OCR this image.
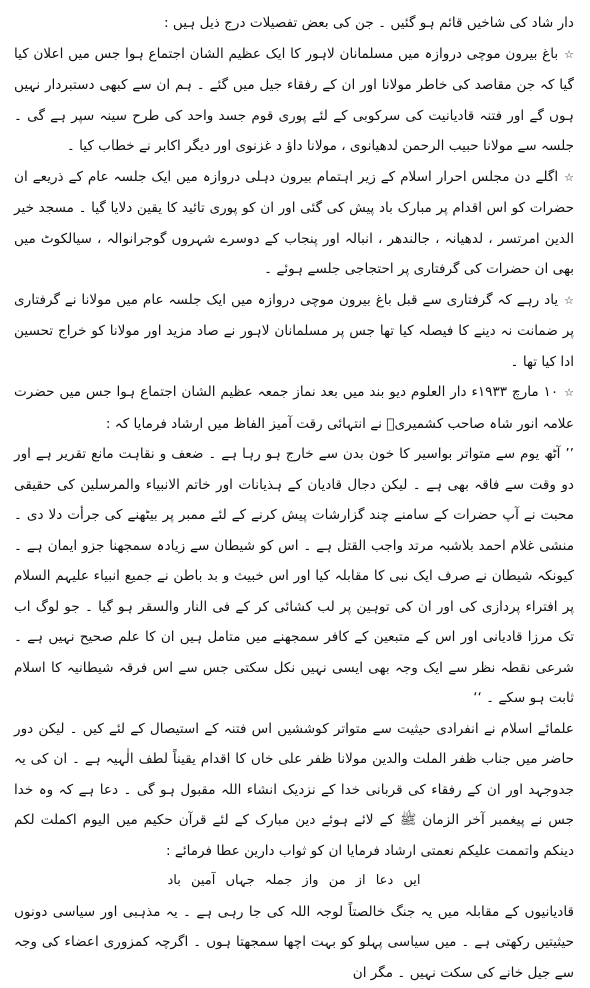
دار شاد کی شاخیں قائم ہو گئیں ۔ جن کی بعض تفصیلات درج ذیل ہیں :

☆باغ بیرون موچی دروازہ میں مسلمانان لاہور کا ایک عظیم الشان اجتماع ہوا جس میں اعلان کیا گیا کہ جن مقاصد کی خاطر مولانا اور ان کے رفقاء جیل میں گئے ۔ ہم ان سے کبھی دستبردار نہیں ہوں گے اور فتنہ قادیانیت کی سرکوبی کے لئے پوری قوم جسد واحد کی طرح سینہ سپر ہے گی ۔ جلسہ سے مولانا حبیب الرحمن لدھیانوی ، مولانا داؤ د غزنوی اور دیگر اکابر نے خطاب کیا ۔

☆اگلے دن مجلس احرار اسلام کے زیر اہتمام بیرون دہلی دروازہ میں ایک جلسہ عام کے ذریعے ان حضرات کو اس اقدام پر مبارک باد پیش کی گئی اور ان کو پوری تائید کا یقین دلایا گیا ۔ مسجد خیر الدین امرتسر ، لدھیانہ ، جالندھر ، انبالہ اور پنجاب کے دوسرے شہروں گوجرانوالہ ، سیالکوٹ میں بھی ان حضرات کی گرفتاری پر احتجاجی جلسے ہوئے ۔

☆یاد رہے کہ گرفتاری سے قبل باغ بیرون موچی دروازہ میں ایک جلسہ عام میں مولانا نے گرفتاری پر ضمانت نہ دینے کا فیصلہ کیا تھا جس پر مسلمانان لاہور نے صاد مزید اور مولانا کو خراج تحسین ادا کیا تھا ۔

☆۱۰ مارچ ۱۹۳۳ء دار العلوم دیو بند میں بعد نماز جمعہ عظیم الشان اجتماع ہوا جس میں حضرت علامہ انور شاہ صاحب کشمیریؒ نے انتہائی رقت آمیز الفاظ میں ارشاد فرمایا کہ :

’’ آٹھ یوم سے متواتر بواسیر کا خون بدن سے خارج ہو رہا ہے ۔ ضعف و نقاہت مانع تقریر ہے اور دو وقت سے فاقہ بھی ہے ۔ لیکن دجال قادیان کے ہذیانات اور خاتم الانبیاء والمرسلین کی حقیقی محبت نے آپ حضرات کے سامنے چند گزارشات پیش کرنے کے لئے ممبر پر بیٹھنے کی جرأت دلا دی ۔ منشی غلام احمد بلاشبہ مرتد واجب القتل ہے ۔ اس کو شیطان سے زیادہ سمجھنا جزو ایمان ہے ۔ کیونکہ شیطان نے صرف ایک نبی کا مقابلہ کیا اور اس خبیث و بد باطن نے جمیع انبیاء علیہم السلام پر افتراء پردازی کی اور ان کی توہین پر لب کشائی کر کے فی النار والسقر ہو گیا ۔ جو لوگ اب تک مرزا قادیانی اور اس کے متبعین کے کافر سمجھنے میں متامل ہیں ان کا علم صحیح نہیں ہے ۔ شرعی نقطہ نظر سے ایک وجہ بھی ایسی نہیں نکل سکتی جس سے اس فرقہ شیطانیہ کا اسلام ثابت ہو سکے ۔ ‘‘

علمائے اسلام نے انفرادی حیثیت سے متواتر کوششیں اس فتنہ کے استیصال کے لئے کیں ۔ لیکن دور حاضر میں جناب ظفر الملت والدین مولانا ظفر علی خاں کا اقدام یقیناً لطف الٰہیہ ہے ۔ ان کی یہ جدوجہد اور ان کے رفقاء کی قربانی خدا کے نزدیک انشاء اللہ مقبول ہو گی ۔ دعا ہے کہ وہ خدا جس نے پیغمبر آخر الزمان ﷺ کے لائے ہوئے دین مبارک کے لئے قرآن حکیم میں الیوم اکملت لکم دینکم واتممت علیکم نعمتی ارشاد فرمایا ان کو ثواب دارین عطا فرمائے :

ایں دعا از من واز جملہ جہاں آمین باد

قادیانیوں کے مقابلہ میں یہ جنگ خالصتاً لوجہ اللہ کی جا رہی ہے ۔ یہ مذہبی اور سیاسی دونوں حیثیتیں رکھتی ہے ۔ میں سیاسی پہلو کو بہت اچھا سمجھتا ہوں ۔ اگرچہ کمزوری اعضاء کی وجہ سے جیل خانے کی سکت نہیں ۔ مگر ان
